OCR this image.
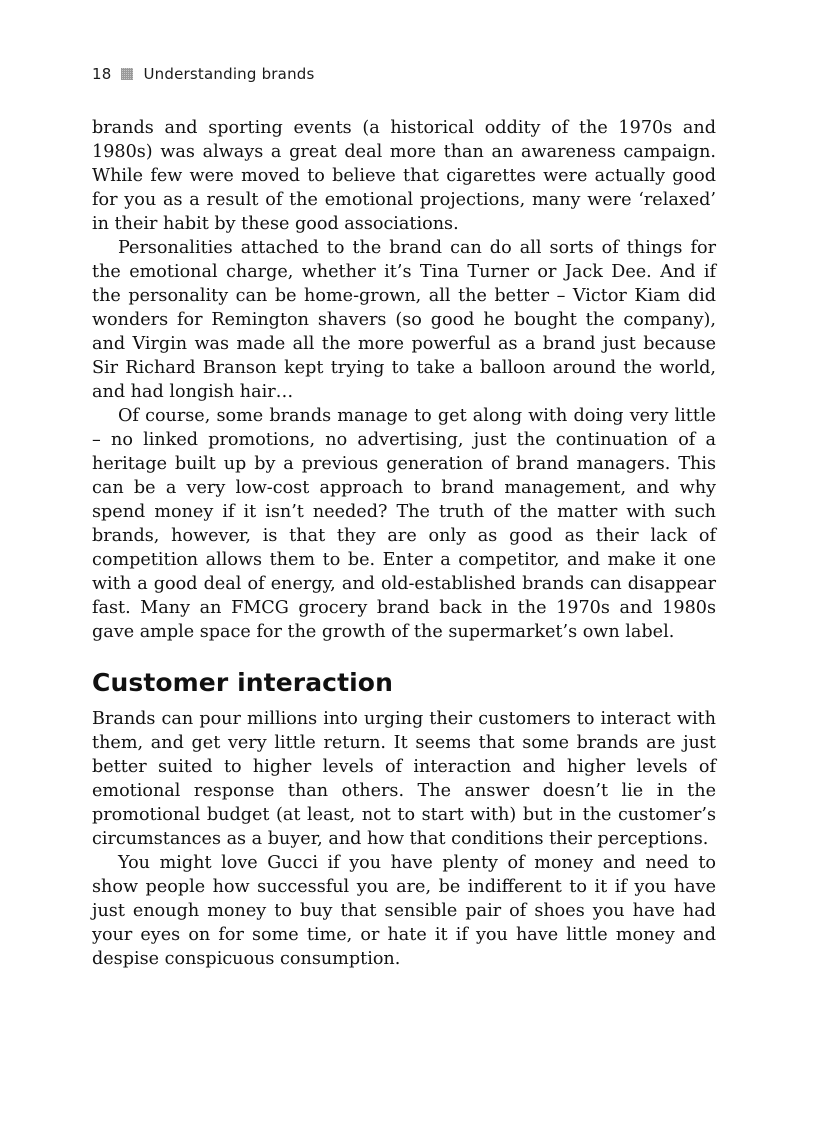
18 Understanding brands

brands and sporting events (a historical oddity of the 1970s and 1980s) was always a great deal more than an awareness campaign. While few were moved to believe that cigarettes were actually good for you as a result of the emotional projections, many were ‘relaxed’ in their habit by these good associations.

Personalities attached to the brand can do all sorts of things for the emotional charge, whether it’s Tina Turner or Jack Dee. And if the personality can be home-grown, all the better – Victor Kiam did wonders for Remington shavers (so good he bought the company), and Virgin was made all the more powerful as a brand just because Sir Richard Branson kept trying to take a balloon around the world, and had longish hair…

Of course, some brands manage to get along with doing very little – no linked promotions, no advertising, just the continuation of a heritage built up by a previous generation of brand managers. This can be a very low-cost approach to brand management, and why spend money if it isn’t needed? The truth of the matter with such brands, however, is that they are only as good as their lack of competition allows them to be. Enter a competitor, and make it one with a good deal of energy, and old-established brands can disappear fast. Many an FMCG grocery brand back in the 1970s and 1980s gave ample space for the growth of the supermarket’s own label.

Customer interaction

Brands can pour millions into urging their customers to interact with them, and get very little return. It seems that some brands are just better suited to higher levels of interaction and higher levels of emotional response than others. The answer doesn’t lie in the promotional budget (at least, not to start with) but in the customer’s circumstances as a buyer, and how that conditions their perceptions.

You might love Gucci if you have plenty of money and need to show people how successful you are, be indifferent to it if you have just enough money to buy that sensible pair of shoes you have had your eyes on for some time, or hate it if you have little money and despise conspicuous consumption.
